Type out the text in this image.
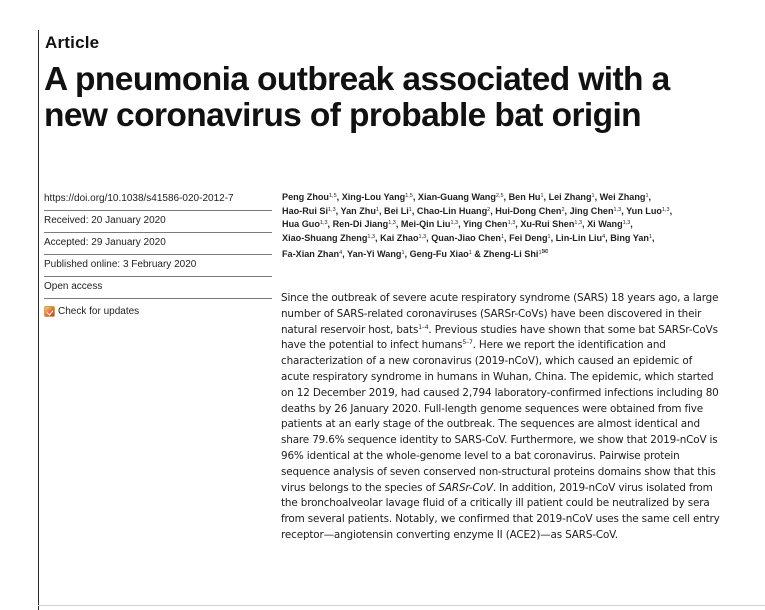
Article
A pneumonia outbreak associated with a
new coronavirus of probable bat origin
https://doi.org/10.1038/s41586-020-2012-7
Received: 20 January 2020
Accepted: 29 January 2020
Published online: 3 February 2020
Open access
Check for updates
Peng Zhou$^{1,5}$, Xing-Lou Yang$^{1,5}$, Xian-Guang Wang$^{2,5}$, Ben Hu$^1$, Lei Zhang$^1$, Wei Zhang$^1$,
Hao-Rui Si$^{1,3}$, Yan Zhu$^1$, Bei Li$^1$, Chao-Lin Huang$^2$, Hui-Dong Chen$^2$, Jing Chen$^{1,3}$, Yun Luo$^{1,3}$,
Hua Guo$^{1,3}$, Ren-Di Jiang$^{1,3}$, Mei-Qin Liu$^{1,3}$, Ying Chen$^{1,3}$, Xu-Rui Shen$^{1,3}$, Xi Wang$^{1,3}$,
Xiao-Shuang Zheng$^{1,3}$, Kai Zhao$^{1,3}$, Quan-Jiao Chen$^1$, Fei Deng$^1$, Lin-Lin Liu$^4$, Bing Yan$^1$,
Fa-Xian Zhan$^4$, Yan-Yi Wang$^1$, Geng-Fu Xiao$^1$ & Zheng-Li Shi$^1$✉

Since the outbreak of severe acute respiratory syndrome (SARS) 18 years ago, a large
number of SARS-related coronaviruses (SARSr-CoVs) have been discovered in their
natural reservoir host, bats$^{1-4}$. Previous studies have shown that some bat SARSr-CoVs
have the potential to infect humans$^{5-7}$. Here we report the identification and
characterization of a new coronavirus (2019-nCoV), which caused an epidemic of
acute respiratory syndrome in humans in Wuhan, China. The epidemic, which started
on 12 December 2019, had caused 2,794 laboratory-confirmed infections including 80
deaths by 26 January 2020. Full-length genome sequences were obtained from five
patients at an early stage of the outbreak. The sequences are almost identical and
share 79.6% sequence identity to SARS-CoV. Furthermore, we show that 2019-nCoV is
96% identical at the whole-genome level to a bat coronavirus. Pairwise protein
sequence analysis of seven conserved non-structural proteins domains show that this
virus belongs to the species of SARSr-CoV. In addition, 2019-nCoV virus isolated from
the bronchoalveolar lavage fluid of a critically ill patient could be neutralized by sera
from several patients. Notably, we confirmed that 2019-nCoV uses the same cell entry
receptor—angiotensin converting enzyme II (ACE2)—as SARS-CoV.
